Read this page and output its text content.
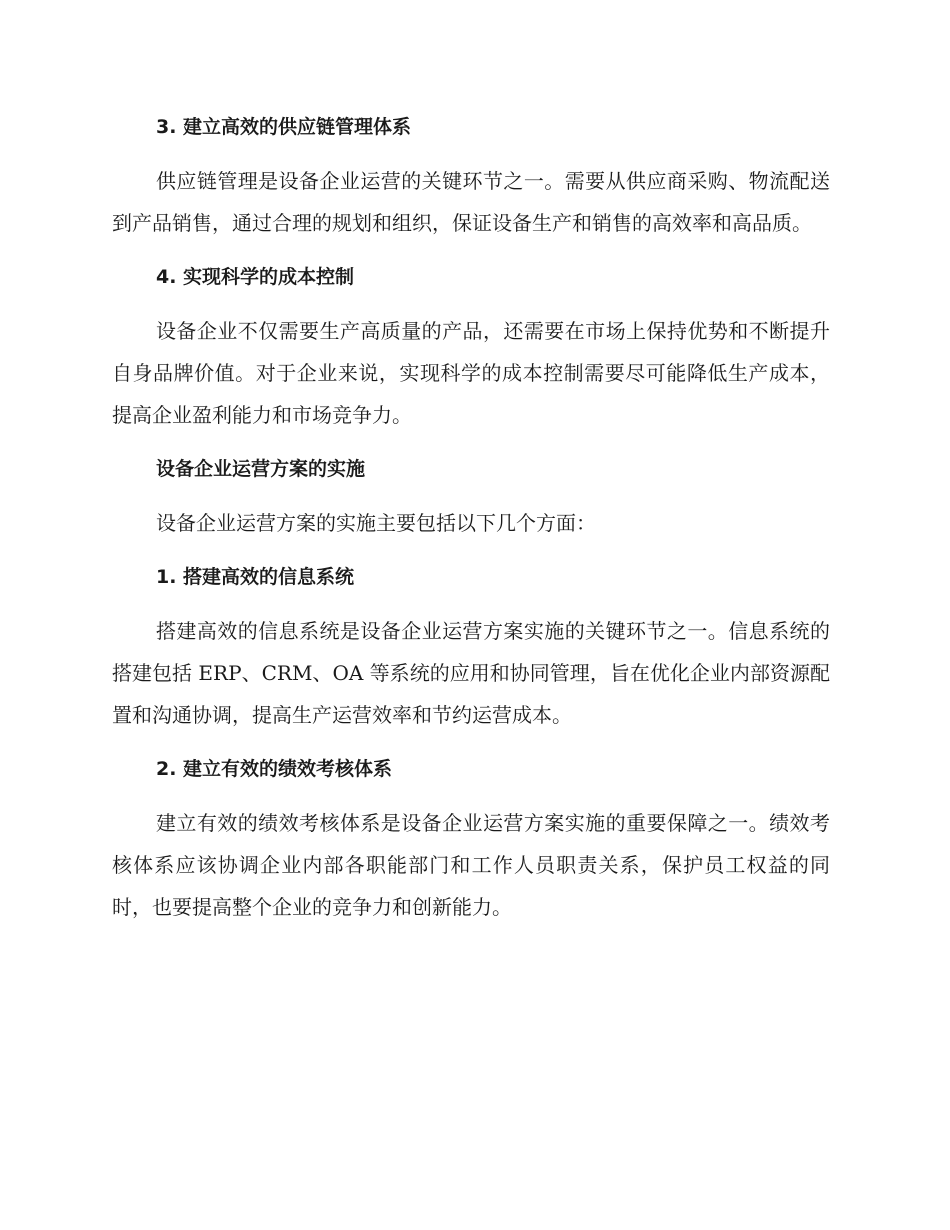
3. 建立高效的供应链管理体系
供应链管理是设备企业运营的关键环节之一。需要从供应商采购、物流配送到产品销售，通过合理的规划和组织，保证设备生产和销售的高效率和高品质。
4. 实现科学的成本控制
设备企业不仅需要生产高质量的产品，还需要在市场上保持优势和不断提升自身品牌价值。对于企业来说，实现科学的成本控制需要尽可能降低生产成本，提高企业盈利能力和市场竞争力。
设备企业运营方案的实施
设备企业运营方案的实施主要包括以下几个方面：
1. 搭建高效的信息系统
搭建高效的信息系统是设备企业运营方案实施的关键环节之一。信息系统的搭建包括 ERP、CRM、OA 等系统的应用和协同管理，旨在优化企业内部资源配置和沟通协调，提高生产运营效率和节约运营成本。
2. 建立有效的绩效考核体系
建立有效的绩效考核体系是设备企业运营方案实施的重要保障之一。绩效考核体系应该协调企业内部各职能部门和工作人员职责关系，保护员工权益的同时，也要提高整个企业的竞争力和创新能力。
